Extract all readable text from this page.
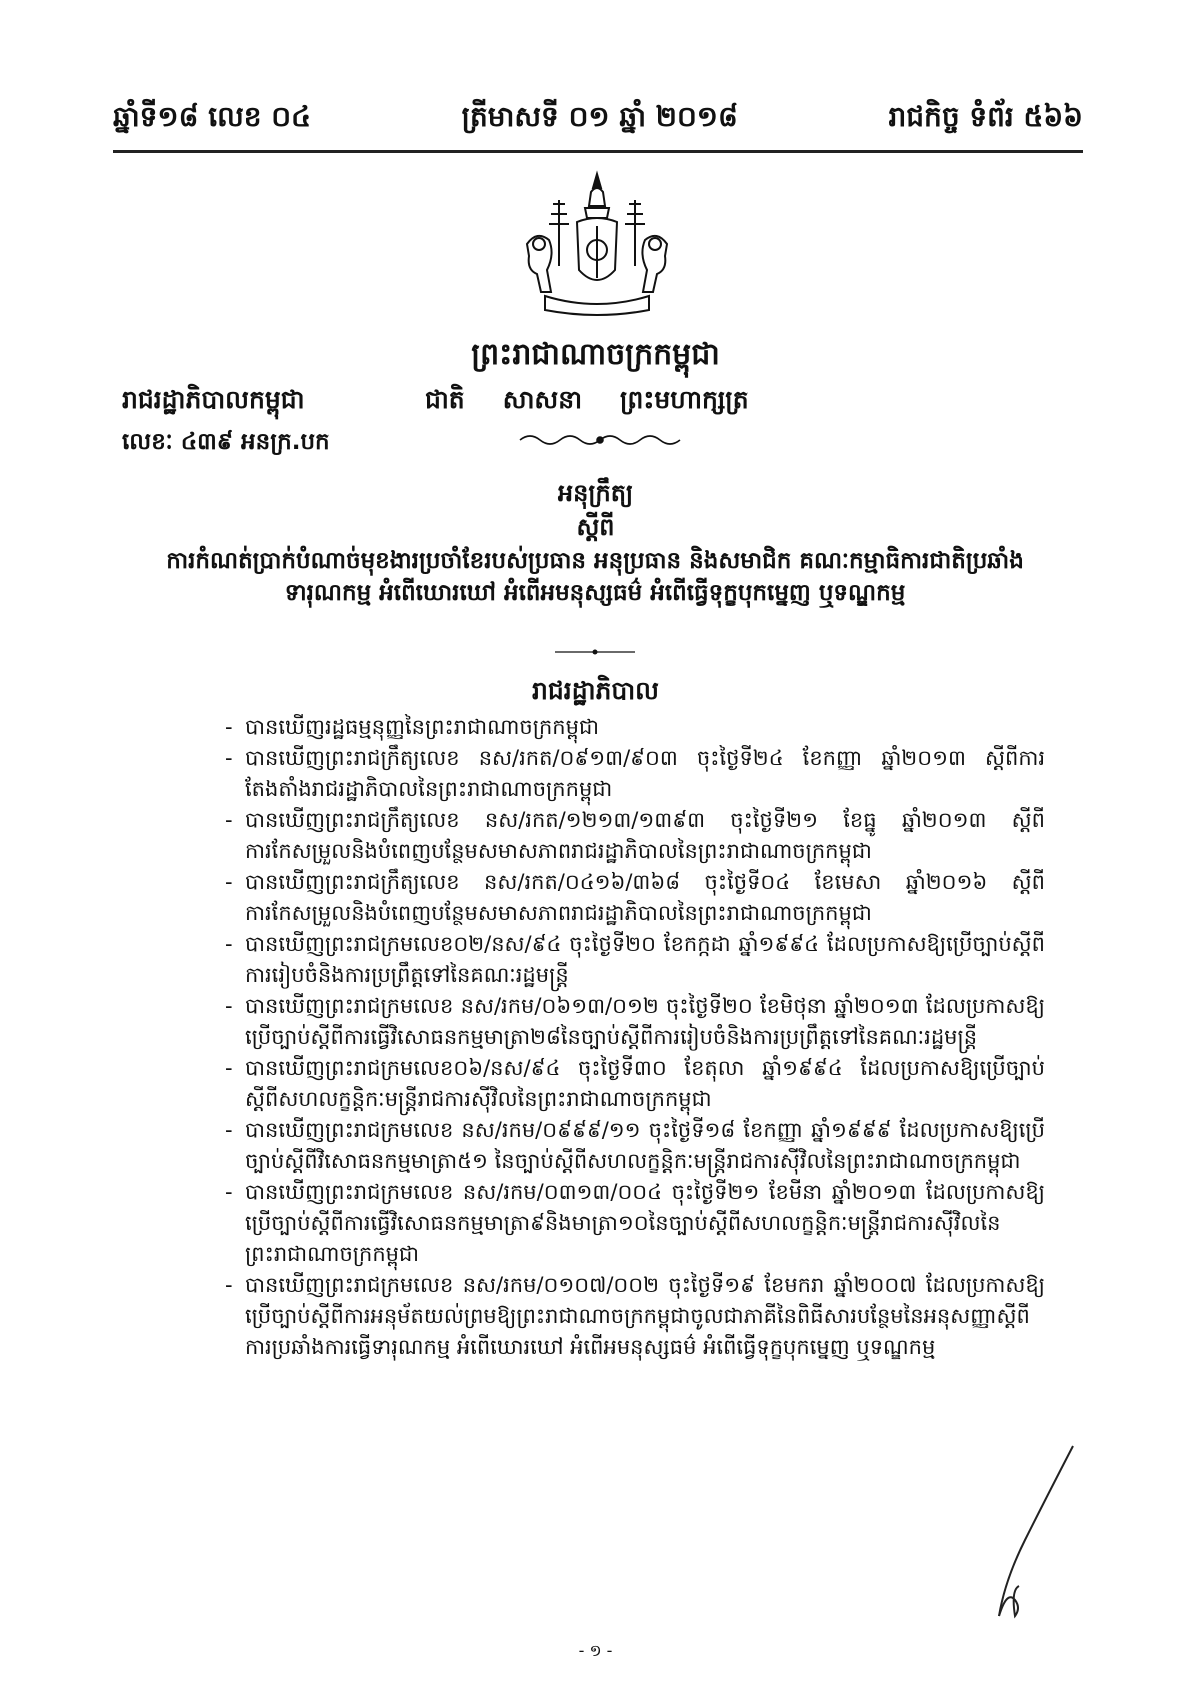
ឆ្នាំទី១៨ លេខ ០៤	ត្រីមាសទី ០១ ឆ្នាំ ២០១៨	រាជកិច្ច ទំព័រ ៥៦៦
ព្រះរាជាណាចក្រកម្ពុជា
រាជរដ្ឋាភិបាលកម្ពុជា
លេខៈ ៤៣៩ អនក្រ.បក
ជាតិ សាសនា ព្រះមហាក្សត្រ
អនុក្រឹត្យ
ស្តីពី
ការកំណត់ប្រាក់បំណាច់មុខងារប្រចាំខែរបស់ប្រធាន អនុប្រធាន និងសមាជិក គណៈកម្មាធិការជាតិប្រឆាំងទារុណកម្ម អំពើឃោរឃៅ អំពើអមនុស្សធម៌ អំពើធ្វើទុក្ខបុកម្នេញ ឬទណ្ឌកម្ម
រាជរដ្ឋាភិបាល
- បានឃើញរដ្ឋធម្មនុញ្ញនៃព្រះរាជាណាចក្រកម្ពុជា
- បានឃើញព្រះរាជក្រឹត្យលេខ នស/រកត/០៩១៣/៩០៣ ចុះថ្ងៃទី២៤ ខែកញ្ញា ឆ្នាំ២០១៣ ស្តីពីការតែងតាំងរាជរដ្ឋាភិបាលនៃព្រះរាជាណាចក្រកម្ពុជា
- បានឃើញព្រះរាជក្រឹត្យលេខ នស/រកត/១២១៣/១៣៩៣ ចុះថ្ងៃទី២១ ខែធ្នូ ឆ្នាំ២០១៣ ស្តីពីការកែសម្រួលនិងបំពេញបន្ថែមសមាសភាពរាជរដ្ឋាភិបាលនៃព្រះរាជាណាចក្រកម្ពុជា
- បានឃើញព្រះរាជក្រឹត្យលេខ នស/រកត/០៤១៦/៣៦៨ ចុះថ្ងៃទី០៤ ខែមេសា ឆ្នាំ២០១៦ ស្តីពីការកែសម្រួលនិងបំពេញបន្ថែមសមាសភាពរាជរដ្ឋាភិបាលនៃព្រះរាជាណាចក្រកម្ពុជា
- បានឃើញព្រះរាជក្រមលេខ០២/នស/៩៤ ចុះថ្ងៃទី២០ ខែកក្កដា ឆ្នាំ១៩៩៤ ដែលប្រកាសឱ្យប្រើច្បាប់ស្តីពីការរៀបចំនិងការប្រព្រឹត្តទៅនៃគណៈរដ្ឋមន្ត្រី
- បានឃើញព្រះរាជក្រមលេខ នស/រកម/០៦១៣/០១២ ចុះថ្ងៃទី២០ ខែមិថុនា ឆ្នាំ២០១៣ ដែលប្រកាសឱ្យប្រើច្បាប់ស្តីពីការធ្វើវិសោធនកម្មមាត្រា២៨នៃច្បាប់ស្តីពីការរៀបចំនិងការប្រព្រឹត្តទៅនៃគណៈរដ្ឋមន្ត្រី
- បានឃើញព្រះរាជក្រមលេខ០៦/នស/៩៤ ចុះថ្ងៃទី៣០ ខែតុលា ឆ្នាំ១៩៩៤ ដែលប្រកាសឱ្យប្រើច្បាប់ស្តីពីសហលក្ខន្តិកៈមន្ត្រីរាជការស៊ីវិលនៃព្រះរាជាណាចក្រកម្ពុជា
- បានឃើញព្រះរាជក្រមលេខ នស/រកម/០៩៩៩/១១ ចុះថ្ងៃទី១៨ ខែកញ្ញា ឆ្នាំ១៩៩៩ ដែលប្រកាសឱ្យប្រើច្បាប់ស្តីពីវិសោធនកម្មមាត្រា៥១ នៃច្បាប់ស្តីពីសហលក្ខន្តិកៈមន្ត្រីរាជការស៊ីវិលនៃព្រះរាជាណាចក្រកម្ពុជា
- បានឃើញព្រះរាជក្រមលេខ នស/រកម/០៣១៣/០០៤ ចុះថ្ងៃទី២១ ខែមីនា ឆ្នាំ២០១៣ ដែលប្រកាសឱ្យប្រើច្បាប់ស្តីពីការធ្វើវិសោធនកម្មមាត្រា៩និងមាត្រា១០នៃច្បាប់ស្តីពីសហលក្ខន្តិកៈមន្ត្រីរាជការស៊ីវិលនៃព្រះរាជាណាចក្រកម្ពុជា
- បានឃើញព្រះរាជក្រមលេខ នស/រកម/០១០៧/០០២ ចុះថ្ងៃទី១៩ ខែមករា ឆ្នាំ២០០៧ ដែលប្រកាសឱ្យប្រើច្បាប់ស្តីពីការអនុម័តយល់ព្រមឱ្យព្រះរាជាណាចក្រកម្ពុជាចូលជាភាគីនៃពិធីសារបន្ថែមនៃអនុសញ្ញាស្តីពីការប្រឆាំងការធ្វើទារុណកម្ម អំពើឃោរឃៅ អំពើអមនុស្សធម៌ អំពើធ្វើទុក្ខបុកម្នេញ ឬទណ្ឌកម្ម
- ១ -
